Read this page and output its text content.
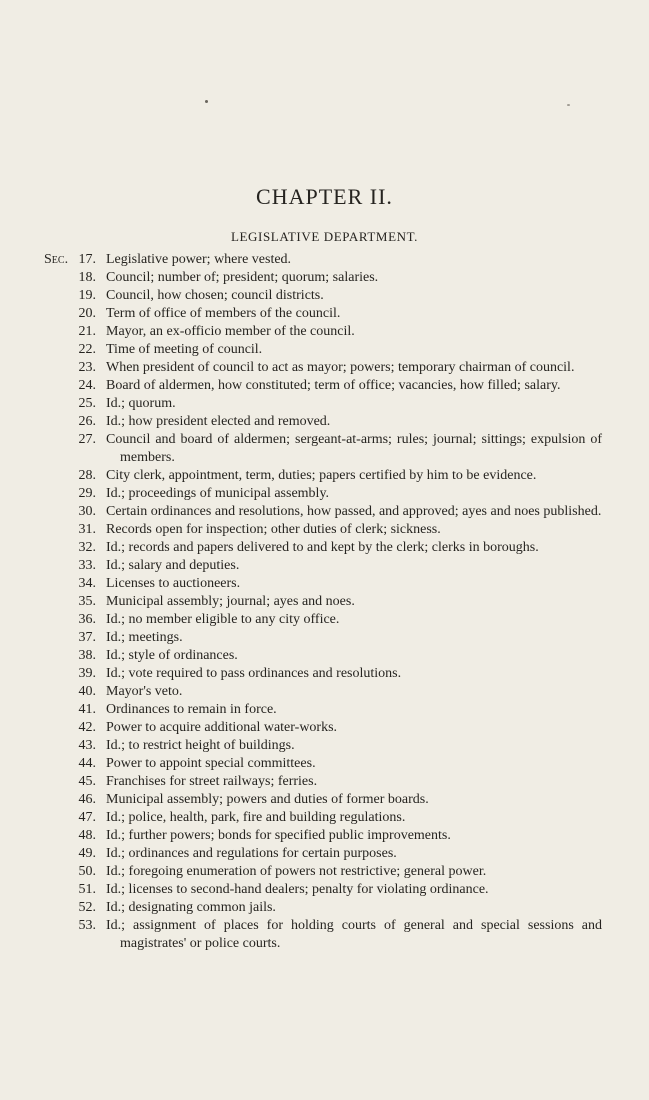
CHAPTER II.
LEGISLATIVE DEPARTMENT.
Sec. 17. Legislative power; where vested.
18. Council; number of; president; quorum; salaries.
19. Council, how chosen; council districts.
20. Term of office of members of the council.
21. Mayor, an ex-officio member of the council.
22. Time of meeting of council.
23. When president of council to act as mayor; powers; temporary chairman of council.
24. Board of aldermen, how constituted; term of office; vacancies, how filled; salary.
25. Id.; quorum.
26. Id.; how president elected and removed.
27. Council and board of aldermen; sergeant-at-arms; rules; journal; sittings; expulsion of members.
28. City clerk, appointment, term, duties; papers certified by him to be evidence.
29. Id.; proceedings of municipal assembly.
30. Certain ordinances and resolutions, how passed, and approved; ayes and noes published.
31. Records open for inspection; other duties of clerk; sickness.
32. Id.; records and papers delivered to and kept by the clerk; clerks in boroughs.
33. Id.; salary and deputies.
34. Licenses to auctioneers.
35. Municipal assembly; journal; ayes and noes.
36. Id.; no member eligible to any city office.
37. Id.; meetings.
38. Id.; style of ordinances.
39. Id.; vote required to pass ordinances and resolutions.
40. Mayor's veto.
41. Ordinances to remain in force.
42. Power to acquire additional water-works.
43. Id.; to restrict height of buildings.
44. Power to appoint special committees.
45. Franchises for street railways; ferries.
46. Municipal assembly; powers and duties of former boards.
47. Id.; police, health, park, fire and building regulations.
48. Id.; further powers; bonds for specified public improvements.
49. Id.; ordinances and regulations for certain purposes.
50. Id.; foregoing enumeration of powers not restrictive; general power.
51. Id.; licenses to second-hand dealers; penalty for violating ordinance.
52. Id.; designating common jails.
53. Id.; assignment of places for holding courts of general and special sessions and magistrates' or police courts.
